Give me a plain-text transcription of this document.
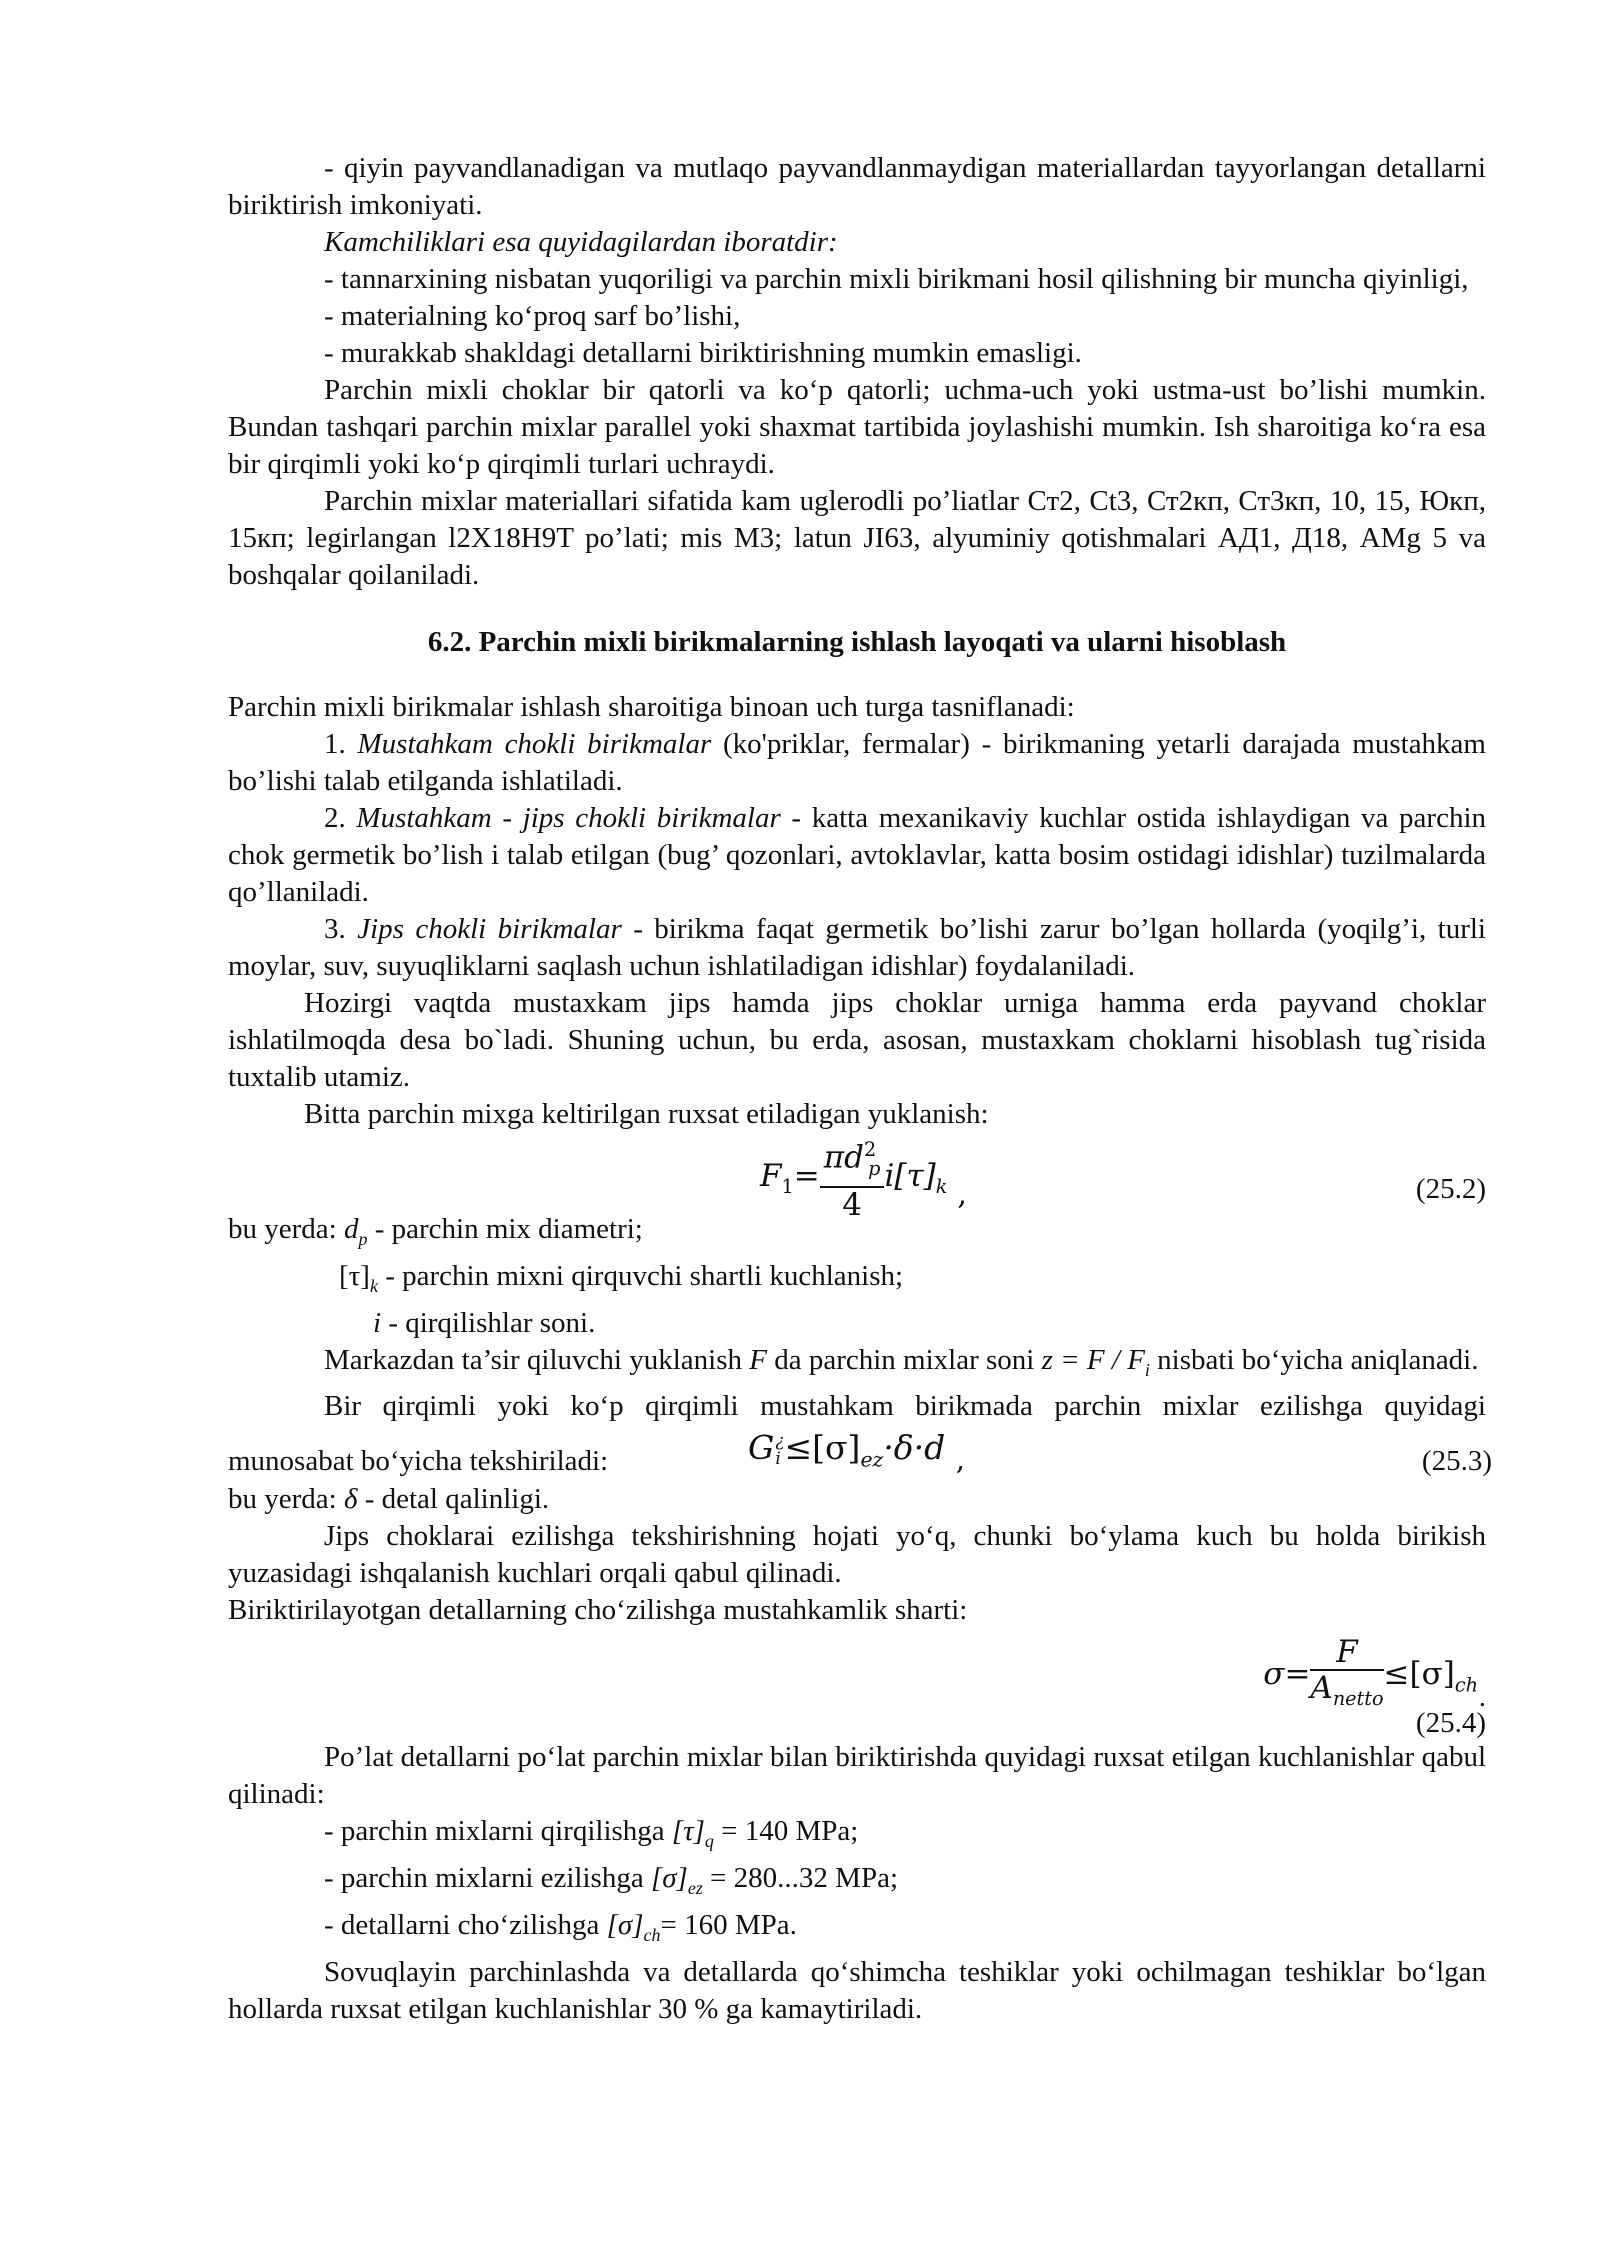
- qiyin payvandlanadigan va mutlaqo payvandlanmaydigan materiallardan tayyorlangan detallarni biriktirish imkoniyati.

Kamchiliklari esa quyidagilardan iboratdir:

- tannarxining nisbatan yuqoriligi va parchin mixli birikmani hosil qilishning bir muncha qiyinligi,

- materialning ko‘proq sarf bo’lishi,

- murakkab shakldagi detallarni biriktirishning mumkin emasligi.

Parchin mixli choklar bir qatorli va ko‘p qatorli; uchma-uch yoki ustma-ust bo’lishi mumkin. Bundan tashqari parchin mixlar parallel yoki shaxmat tartibida joylashishi mumkin. Ish sharoitiga ko‘ra esa bir qirqimli yoki ko‘p qirqimli turlari uchraydi.

Parchin mixlar materiallari sifatida kam uglerodli po’liatlar Ст2, Ct3, Ст2кп, Ст3кп, 10, 15, Юкп, 15кп; legirlangan l2X18H9T po’lati; mis M3; latun JI63, alyuminiy qotishmalari АД1, Д18, AMg 5 va boshqalar qoilaniladi.

6.2. Parchin mixli birikmalarning ishlash layoqati va ularni hisoblash

Parchin mixli birikmalar ishlash sharoitiga binoan uch turga tasniflanadi:

1. Mustahkam chokli birikmalar (ko'priklar, fermalar) - birikmaning yetarli darajada mustahkam bo’lishi talab etilganda ishlatiladi.

2. Mustahkam - jips chokli birikmalar - katta mexanikaviy kuchlar ostida ishlaydigan va parchin chok germetik bo’lish i talab etilgan (bug’ qozonlari, avtoklavlar, katta bosim ostidagi idishlar) tuzilmalarda qo’llaniladi.

3. Jips chokli birikmalar - birikma faqat germetik bo’lishi zarur bo’lgan hollarda (yoqilg’i, turli moylar, suv, suyuqliklarni saqlash uchun ishlatiladigan idishlar) foydalaniladi.

Hozirgi vaqtda mustaxkam jips hamda jips choklar urniga hamma erda payvand choklar ishlatilmoqda desa bo`ladi. Shuning uchun, bu erda, asosan, mustaxkam choklarni hisoblash tug`risida tuxtalib utamiz.

Bitta parchin mixga keltirilgan ruxsat etiladigan yuklanish:

$F_1= \frac{\pi d^2_p}{4} i[\tau]_k$ ,	(25.2)

bu yerda: $d_p$ - parchin mix diametri;

$[\tau]_k$ - parchin mixni qirquvchi shartli kuchlanish;

i - qirqilishlar soni.

Markazdan ta’sir qiluvchi yuklanish F da parchin mixlar soni $z = F / F_i$ nisbati bo‘yicha aniqlanadi.

Bir qirqimli yoki ko‘p qirqimli mustahkam birikmada parchin mixlar ezilishga quyidagi

munosabat bo‘yicha tekshiriladi:	G ¿
$i \le[\sigma]_{ez}\cdot\delta\cdot d$ ,	(25.3)

bu yerda: δ - detal qalinligi.

Jips choklarai ezilishga tekshirishning hojati yo‘q, chunki bo‘ylama kuch bu holda birikish yuzasidagi ishqalanish kuchlari orqali qabul qilinadi.

Biriktirilayotgan detallarning cho‘zilishga mustahkamlik sharti:

$\sigma= \frac{F}{A_{netto}} \le[\sigma]_{ch}$ .
(25.4)

Po’lat detallarni po‘lat parchin mixlar bilan biriktirishda quyidagi ruxsat etilgan kuchlanishlar qabul qilinadi:

- parchin mixlarni qirqilishga $[\tau]_q = 140$ MPa;

- parchin mixlarni ezilishga $[\sigma]_{ez} = 280...32$ MPa;

- detallarni cho‘zilishga $[\sigma]_{ch}= 160$ MPa.

Sovuqlayin parchinlashda va detallarda qo‘shimcha teshiklar yoki ochilmagan teshiklar bo‘lgan hollarda ruxsat etilgan kuchlanishlar 30 % ga kamaytiriladi.
